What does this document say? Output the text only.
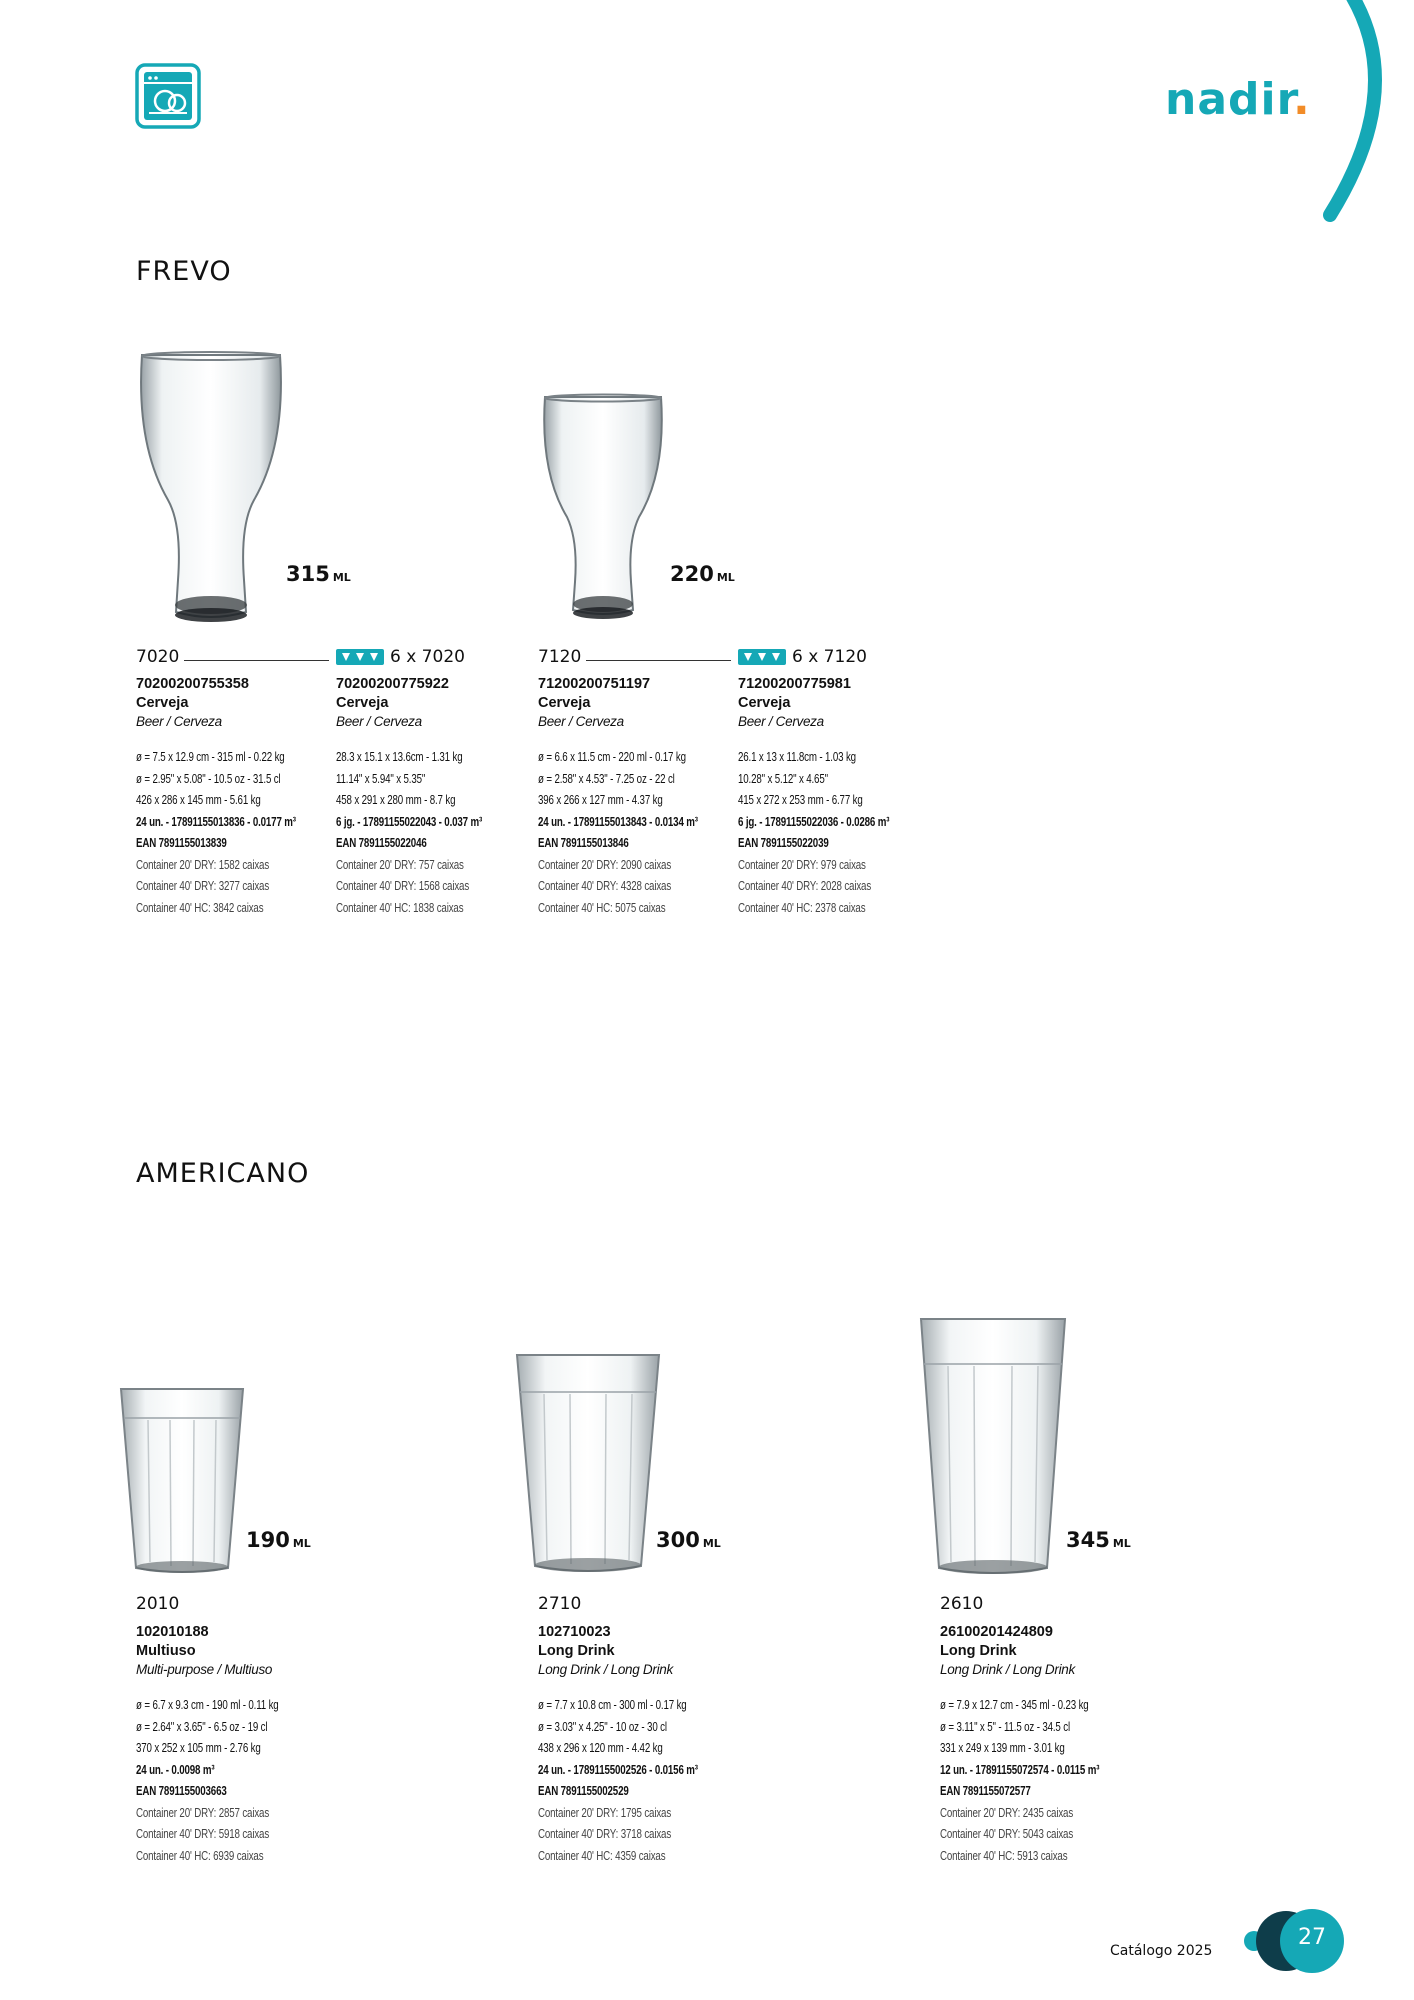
nadir.
FREVO
315 ML	220 ML
7020	6 x 7020	7120	6 x 7120
70200200755358
Cerveja
Beer / Cerveza
ø = 7.5 x 12.9 cm - 315 ml - 0.22 kg
ø = 2.95" x 5.08" - 10.5 oz - 31.5 cl
426 x 286 x 145 mm - 5.61 kg
24 un. - 17891155013836 - 0.0177 m³
EAN 7891155013839
Container 20' DRY: 1582 caixas
Container 40' DRY: 3277 caixas
Container 40' HC: 3842 caixas
70200200775922
Cerveja
Beer / Cerveza
28.3 x 15.1 x 13.6cm - 1.31 kg
11.14" x 5.94" x 5.35"
458 x 291 x 280 mm - 8.7 kg
6 jg. - 17891155022043 - 0.037 m³
EAN 7891155022046
Container 20' DRY: 757 caixas
Container 40' DRY: 1568 caixas
Container 40' HC: 1838 caixas
71200200751197
Cerveja
Beer / Cerveza
ø = 6.6 x 11.5 cm - 220 ml - 0.17 kg
ø = 2.58" x 4.53" - 7.25 oz - 22 cl
396 x 266 x 127 mm - 4.37 kg
24 un. - 17891155013843 - 0.0134 m³
EAN 7891155013846
Container 20' DRY: 2090 caixas
Container 40' DRY: 4328 caixas
Container 40' HC: 5075 caixas
71200200775981
Cerveja
Beer / Cerveza
26.1 x 13 x 11.8cm - 1.03 kg
10.28" x 5.12" x 4.65"
415 x 272 x 253 mm - 6.77 kg
6 jg. - 17891155022036 - 0.0286 m³
EAN 7891155022039
Container 20' DRY: 979 caixas
Container 40' DRY: 2028 caixas
Container 40' HC: 2378 caixas
AMERICANO
190 ML	300 ML	345 ML
2010	2710	2610
102010188
Multiuso
Multi-purpose / Multiuso
ø = 6.7 x 9.3 cm - 190 ml - 0.11 kg
ø = 2.64" x 3.65" - 6.5 oz - 19 cl
370 x 252 x 105 mm - 2.76 kg
24 un. - 0.0098 m³
EAN 7891155003663
Container 20' DRY: 2857 caixas
Container 40' DRY: 5918 caixas
Container 40' HC: 6939 caixas
102710023
Long Drink
Long Drink / Long Drink
ø = 7.7 x 10.8 cm - 300 ml - 0.17 kg
ø = 3.03" x 4.25" - 10 oz - 30 cl
438 x 296 x 120 mm - 4.42 kg
24 un. - 17891155002526 - 0.0156 m³
EAN 7891155002529
Container 20' DRY: 1795 caixas
Container 40' DRY: 3718 caixas
Container 40' HC: 4359 caixas
26100201424809
Long Drink
Long Drink / Long Drink
ø = 7.9 x 12.7 cm - 345 ml - 0.23 kg
ø = 3.11" x 5" - 11.5 oz - 34.5 cl
331 x 249 x 139 mm - 3.01 kg
12 un. - 17891155072574 - 0.0115 m³
EAN 7891155072577
Container 20' DRY: 2435 caixas
Container 40' DRY: 5043 caixas
Container 40' HC: 5913 caixas
Catálogo 2025
27
